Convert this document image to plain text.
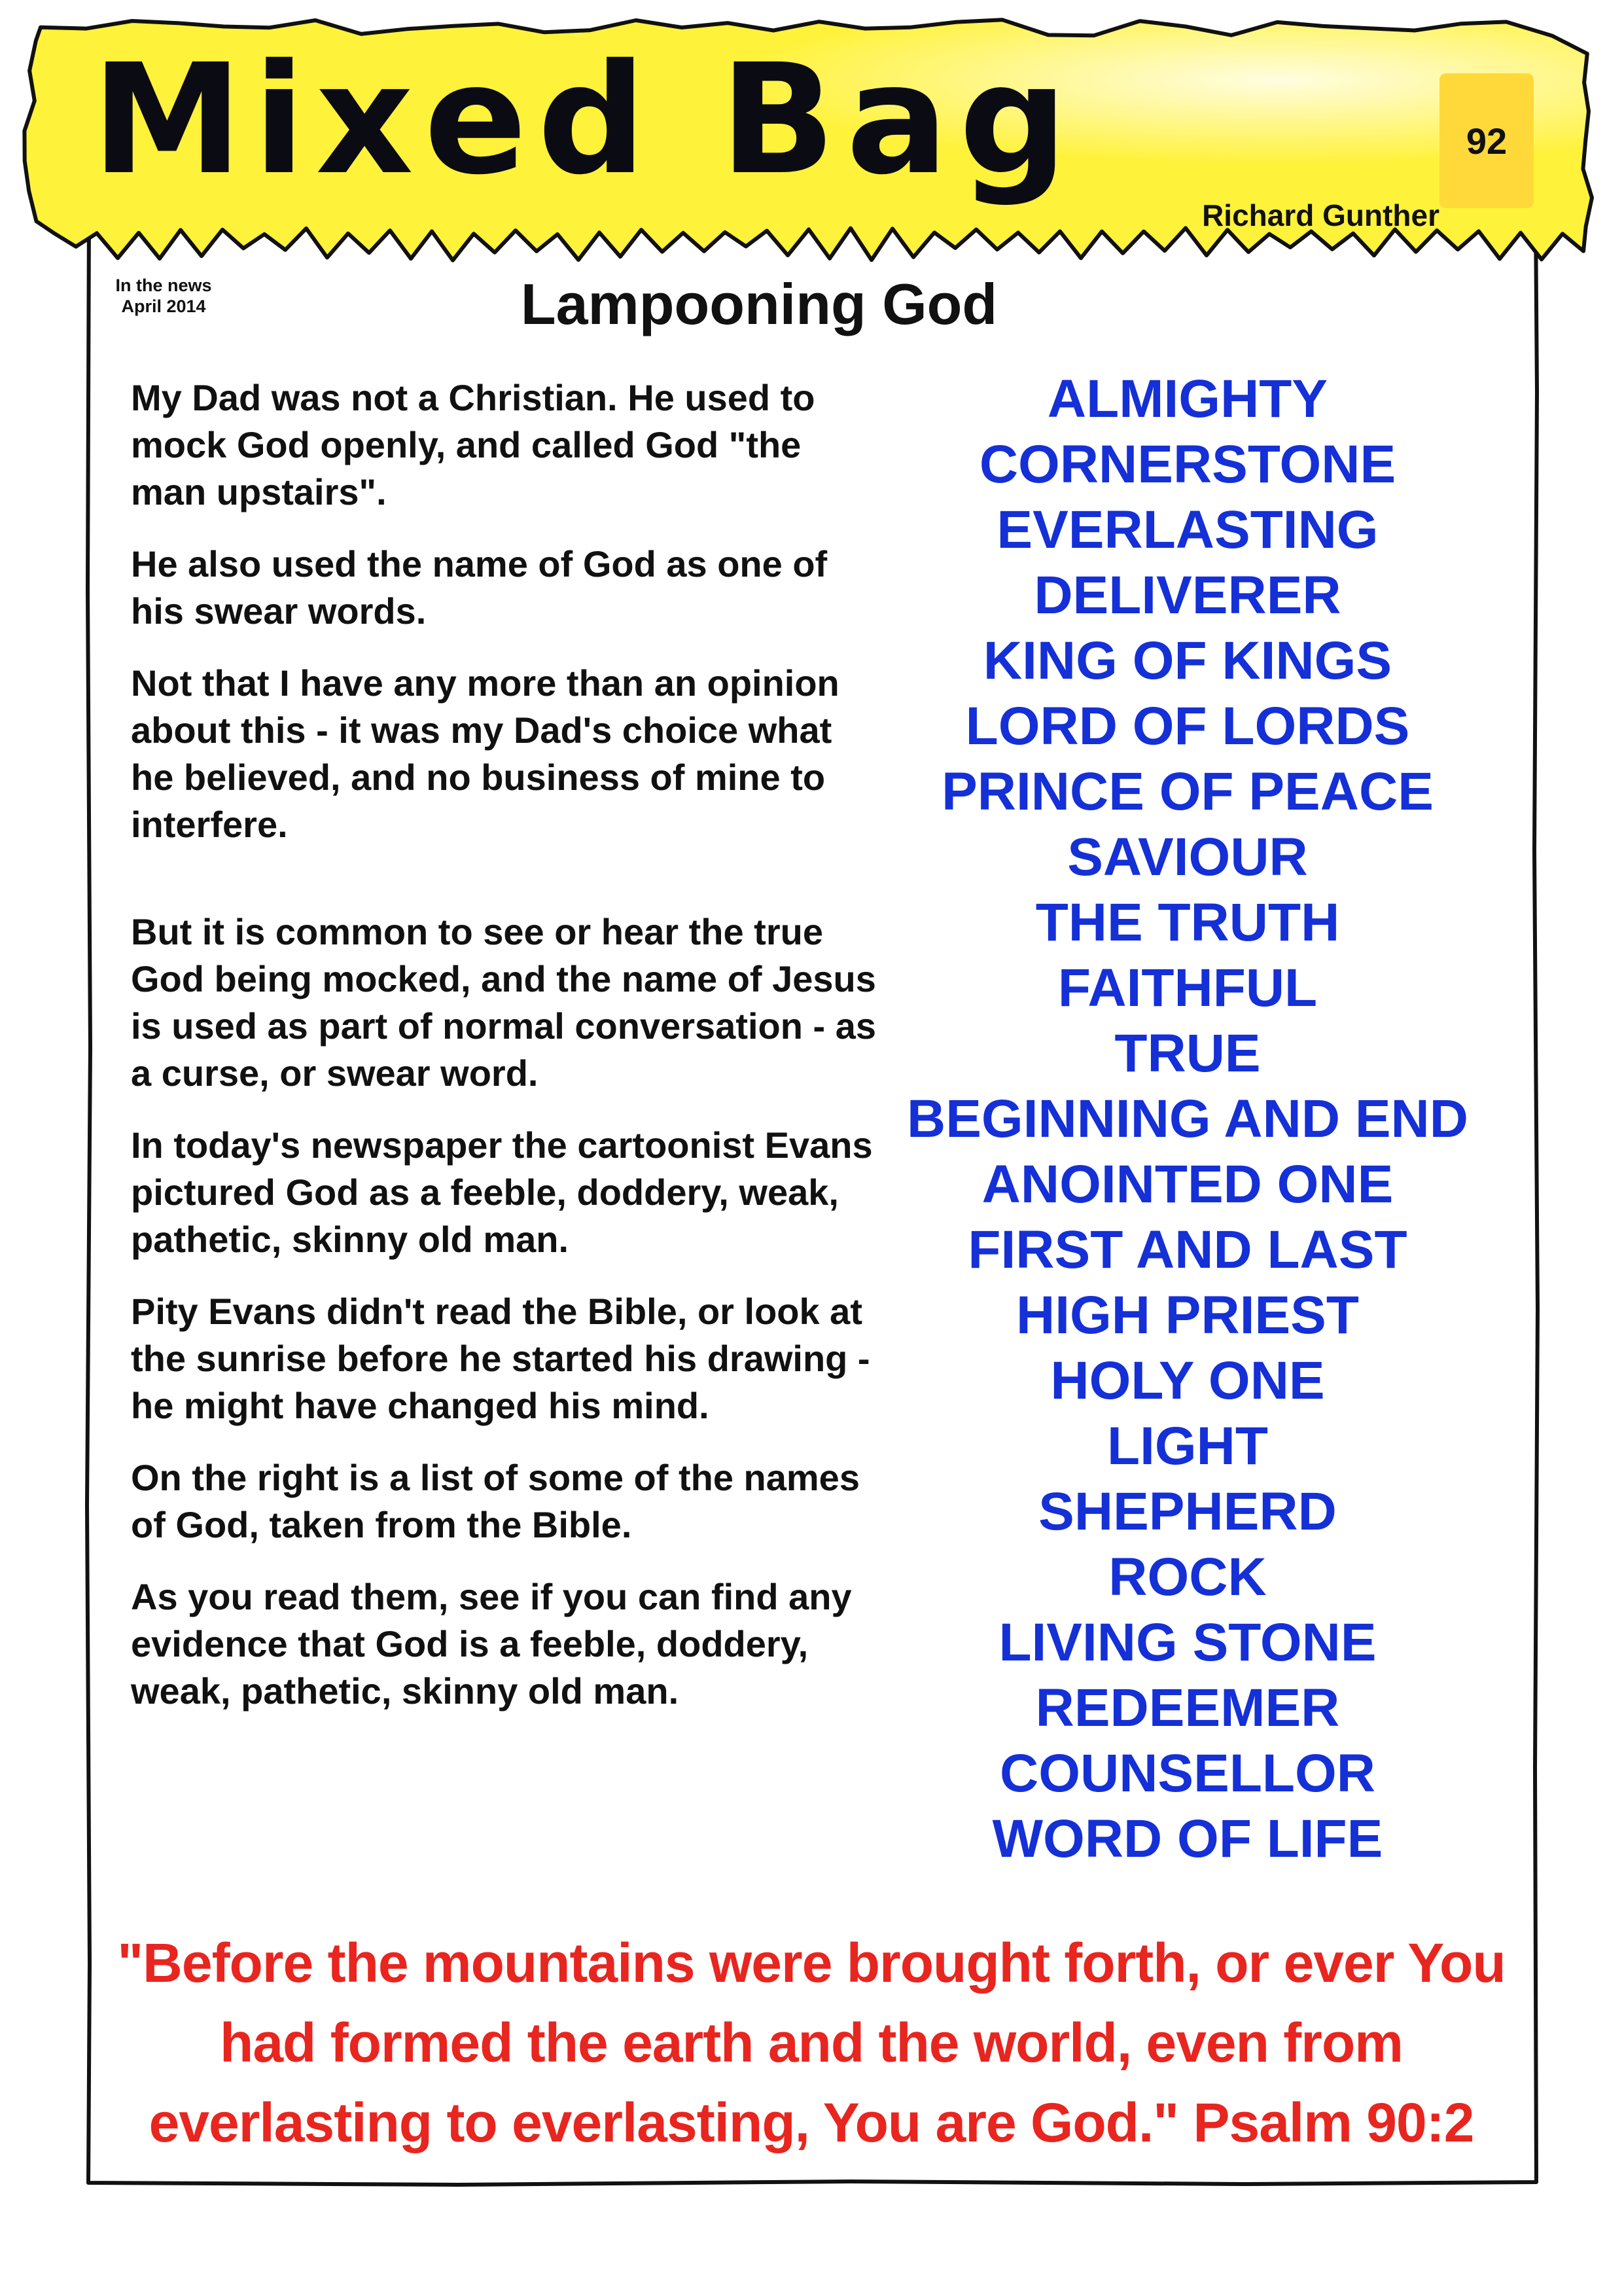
Mixed Bag	92
Richard Gunther
In the news
April 2014	Lampooning God

My Dad was not a Christian. He used to mock God openly, and called God "the man upstairs".

He also used the name of God as one of his swear words.

Not that I have any more than an opinion about this - it was my Dad's choice what he believed, and no business of mine to interfere.

But it is common to see or hear the true God being mocked, and the name of Jesus is used as part of normal conversation - as a curse, or swear word.

In today's newspaper the cartoonist Evans pictured God as a feeble, doddery, weak, pathetic, skinny old man.

Pity Evans didn't read the Bible, or look at the sunrise before he started his drawing - he might have changed his mind.

On the right is a list of some of the names of God, taken from the Bible.

As you read them, see if you can find any evidence that God is a feeble, doddery, weak, pathetic, skinny old man.

ALMIGHTY
CORNERSTONE
EVERLASTING
DELIVERER
KING OF KINGS
LORD OF LORDS
PRINCE OF PEACE
SAVIOUR
THE TRUTH
FAITHFUL
TRUE
BEGINNING AND END
ANOINTED ONE
FIRST AND LAST
HIGH PRIEST
HOLY ONE
LIGHT
SHEPHERD
ROCK
LIVING STONE
REDEEMER
COUNSELLOR
WORD OF LIFE
"Before the mountains were brought forth, or ever You had formed the earth and the world, even from everlasting to everlasting, You are God." Psalm 90:2
